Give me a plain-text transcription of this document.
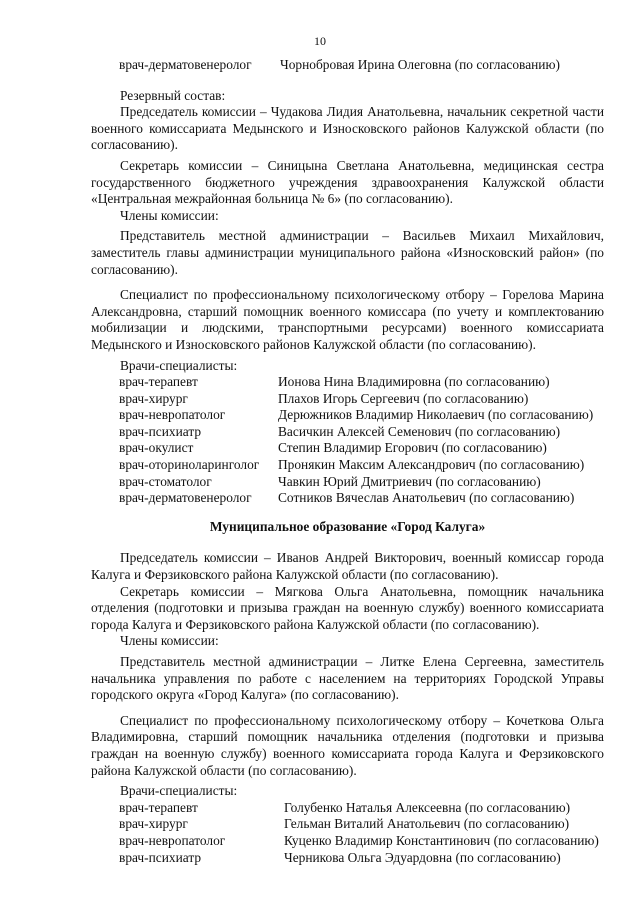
10
врач-дерматовенеролог	Чорнобровая Ирина Олеговна (по согласованию)

Резервный состав:

Председатель комиссии – Чудакова Лидия Анатольевна, начальник секретной части военного комиссариата Медынского и Износковского районов Калужской области (по согласованию).

Секретарь комиссии – Синицына Светлана Анатольевна, медицинская сестра государственного бюджетного учреждения здравоохранения Калужской области «Центральная межрайонная больница № 6» (по согласованию).

Члены комиссии:

Представитель местной администрации – Васильев Михаил Михайлович, заместитель главы администрации муниципального района «Износковский район» (по согласованию).

Специалист по профессиональному психологическому отбору – Горелова Марина Александровна, старший помощник военного комиссара (по учету и комплектованию мобилизации и людскими, транспортными ресурсами) военного комиссариата Медынского и Износковского районов Калужской области (по согласованию).

Врачи-специалисты:

врач-терапевт	Ионова Нина Владимировна (по согласованию)
врач-хирург	Плахов Игорь Сергеевич (по согласованию)
врач-невропатолог	Дерюжников Владимир Николаевич (по согласованию)
врач-психиатр	Васичкин Алексей Семенович (по согласованию)
врач-окулист	Степин Владимир Егорович (по согласованию)
врач-оториноларинголог	Пронякин Максим Александрович (по согласованию)
врач-стоматолог	Чавкин Юрий Дмитриевич (по согласованию)
врач-дерматовенеролог	Сотников Вячеслав Анатольевич (по согласованию)

Муниципальное образование «Город Калуга»

Председатель комиссии – Иванов Андрей Викторович, военный комиссар города Калуга и Ферзиковского района Калужской области (по согласованию).

Секретарь комиссии – Мягкова Ольга Анатольевна, помощник начальника отделения (подготовки и призыва граждан на военную службу) военного комиссариата города Калуга и Ферзиковского района Калужской области (по согласованию).

Члены комиссии:

Представитель местной администрации – Литке Елена Сергеевна, заместитель начальника управления по работе с населением на территориях Городской Управы городского округа «Город Калуга» (по согласованию).

Специалист по профессиональному психологическому отбору – Кочеткова Ольга Владимировна, старший помощник начальника отделения (подготовки и призыва граждан на военную службу) военного комиссариата города Калуга и Ферзиковского района Калужской области (по согласованию).

Врачи-специалисты:

врач-терапевт	Голубенко Наталья Алексеевна (по согласованию)
врач-хирург	Гельман Виталий Анатольевич (по согласованию)
врач-невропатолог	Куценко Владимир Константинович (по согласованию)
врач-психиатр	Черникова Ольга Эдуардовна (по согласованию)
